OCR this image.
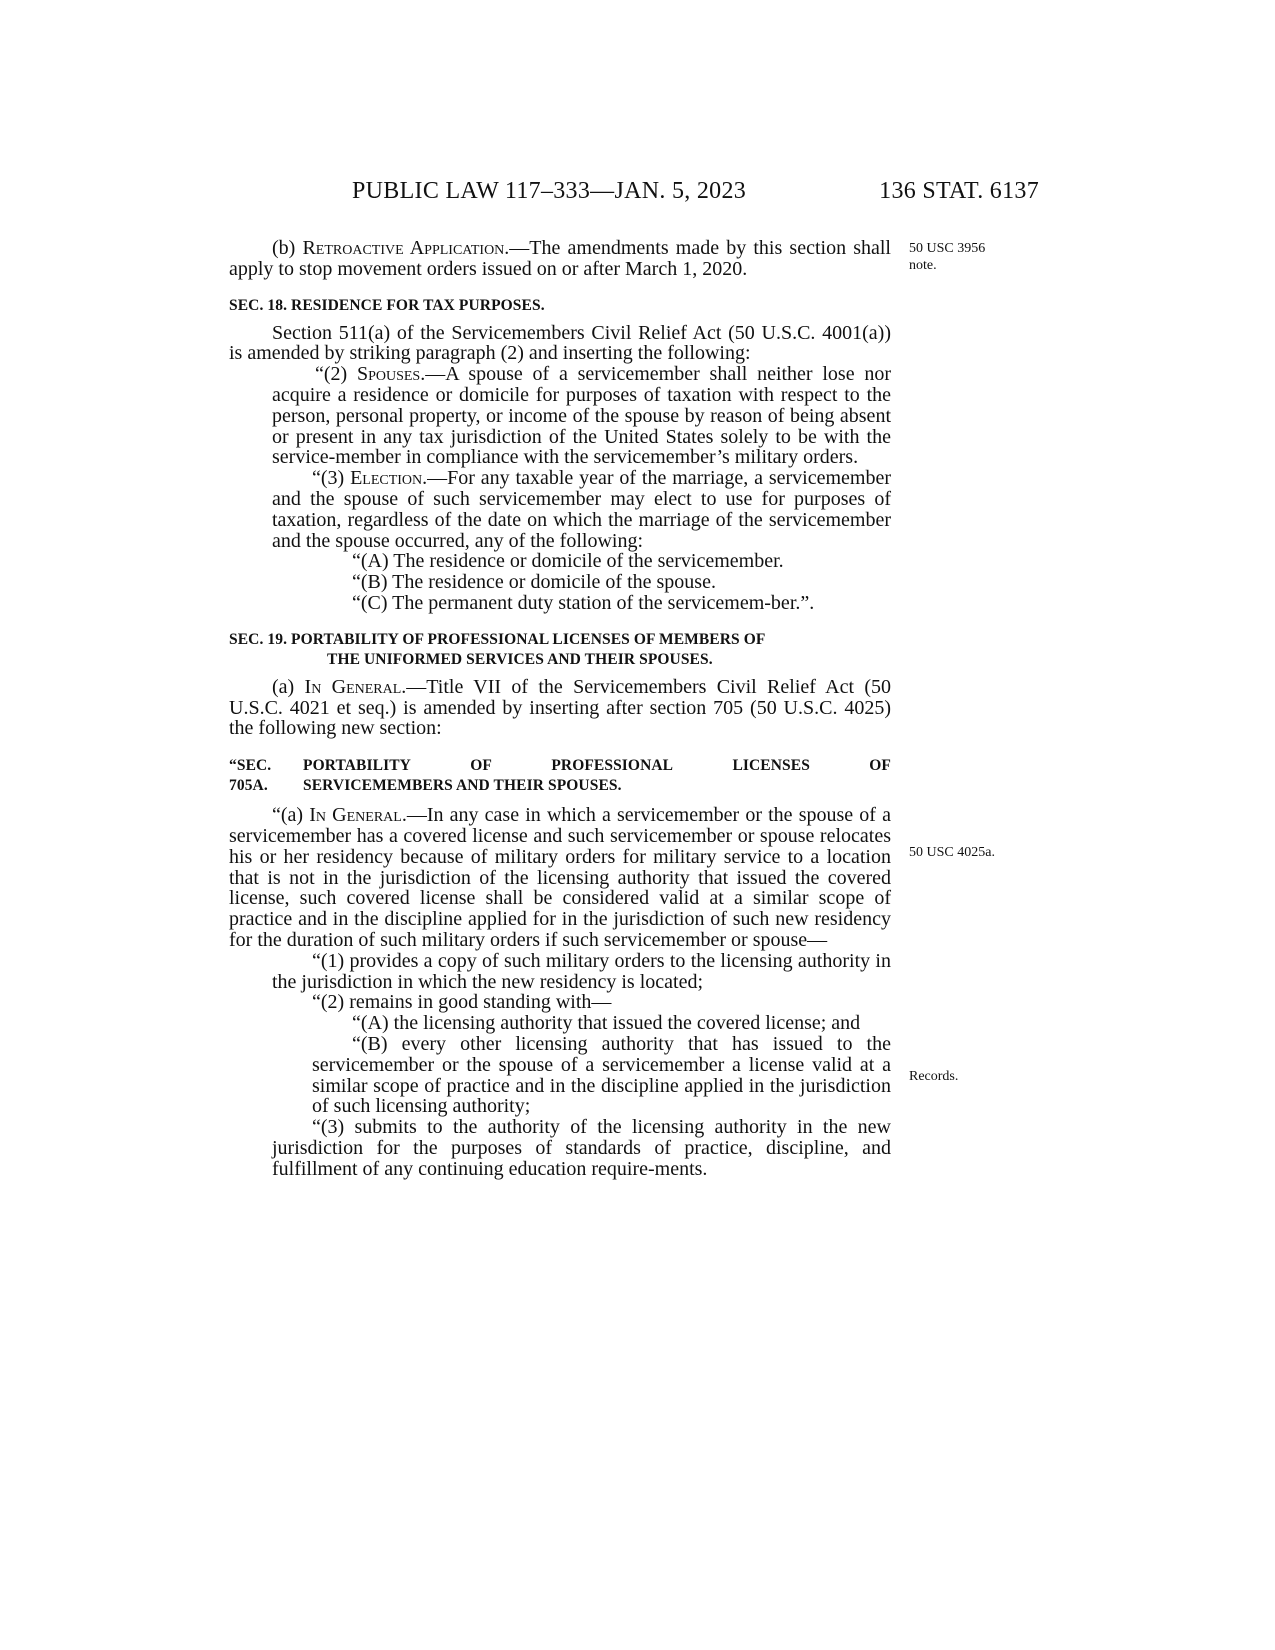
PUBLIC LAW 117–333—JAN. 5, 2023	136 STAT. 6137
50 USC 3956
note.
50 USC 4025a.
Records.

(b) Retroactive Application.—The amendments made by this section shall apply to stop movement orders issued on or after March 1, 2020.

SEC. 18. RESIDENCE FOR TAX PURPOSES.

Section 511(a) of the Servicemembers Civil Relief Act (50 U.S.C. 4001(a)) is amended by striking paragraph (2) and inserting the following:

“(2) Spouses.—A spouse of a servicemember shall neither lose nor acquire a residence or domicile for purposes of taxation with respect to the person, personal property, or income of the spouse by reason of being absent or present in any tax jurisdiction of the United States solely to be with the service-member in compliance with the servicemember’s military orders.

“(3) Election.—For any taxable year of the marriage, a servicemember and the spouse of such servicemember may elect to use for purposes of taxation, regardless of the date on which the marriage of the servicemember and the spouse occurred, any of the following:

“(A) The residence or domicile of the servicemember.

“(B) The residence or domicile of the spouse.

“(C) The permanent duty station of the servicemem-ber.”.

SEC. 19. PORTABILITY OF PROFESSIONAL LICENSES OF MEMBERS OF
THE UNIFORMED SERVICES AND THEIR SPOUSES.

(a) In General.—Title VII of the Servicemembers Civil Relief Act (50 U.S.C. 4021 et seq.) is amended by inserting after section 705 (50 U.S.C. 4025) the following new section:

“SEC. 705A.
PORTABILITY	OF	PROFESSIONAL	LICENSES	OF
SERVICEMEMBERS AND THEIR SPOUSES.

“(a) In General.—In any case in which a servicemember or the spouse of a servicemember has a covered license and such servicemember or spouse relocates his or her residency because of military orders for military service to a location that is not in the jurisdiction of the licensing authority that issued the covered license, such covered license shall be considered valid at a similar scope of practice and in the discipline applied for in the jurisdiction of such new residency for the duration of such military orders if such servicemember or spouse—

“(1) provides a copy of such military orders to the licensing authority in the jurisdiction in which the new residency is located;

“(2) remains in good standing with—

“(A) the licensing authority that issued the covered license; and

“(B) every other licensing authority that has issued to the servicemember or the spouse of a servicemember a license valid at a similar scope of practice and in the discipline applied in the jurisdiction of such licensing authority;

“(3) submits to the authority of the licensing authority in the new jurisdiction for the purposes of standards of practice, discipline, and fulfillment of any continuing education require-ments.
